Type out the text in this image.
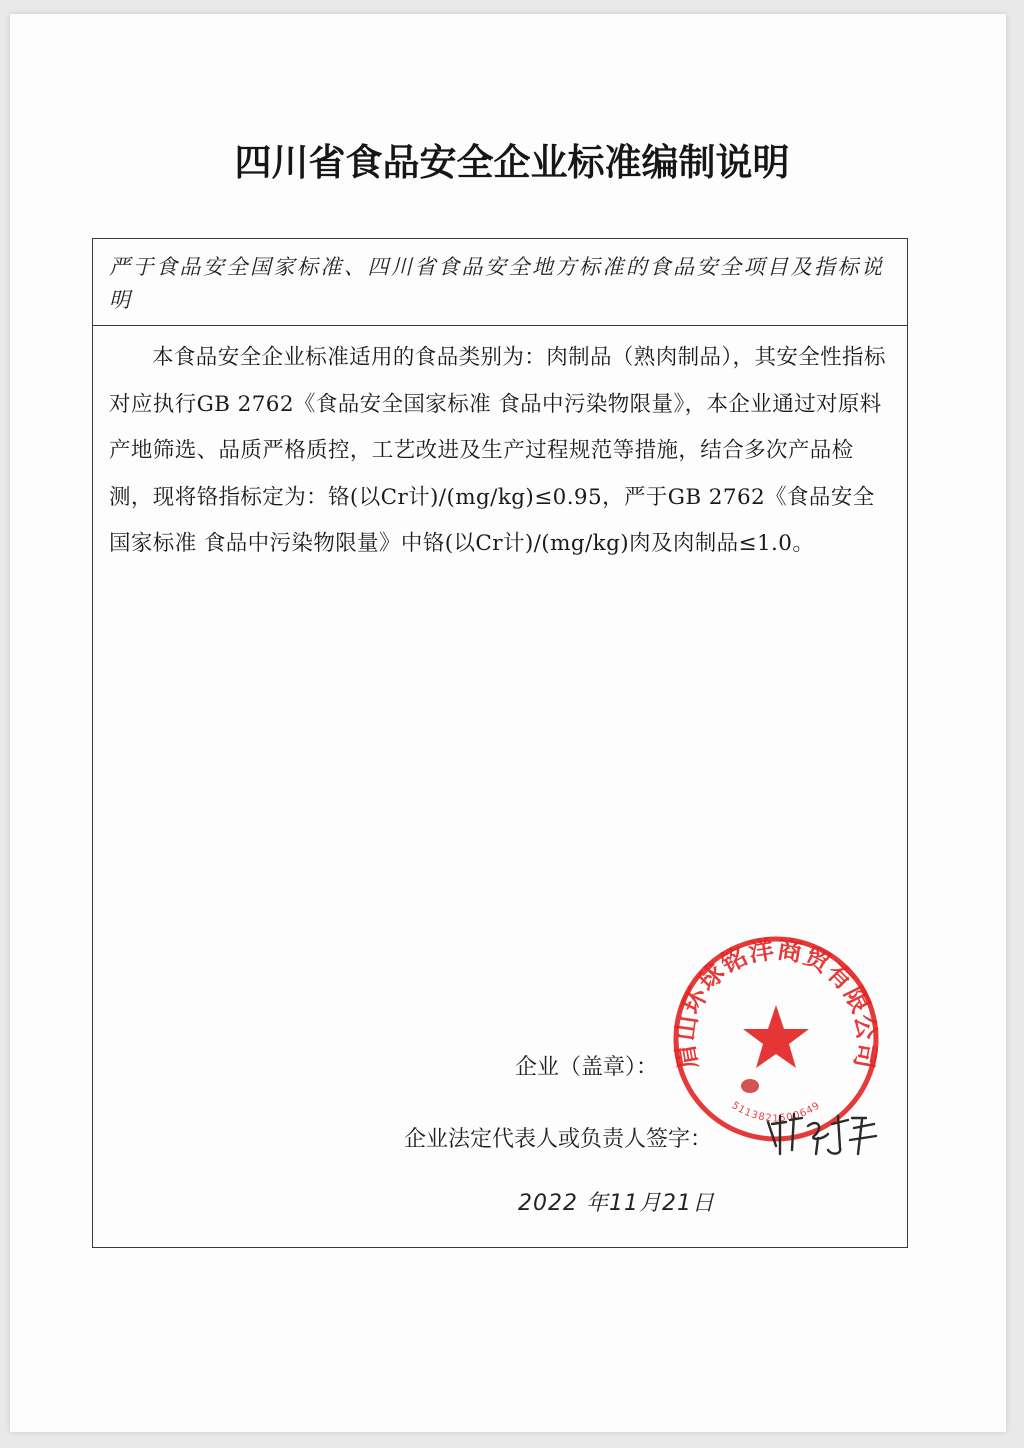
四川省食品安全企业标准编制说明
严于食品安全国家标准、四川省食品安全地方标准的食品安全项目及指标说明
本食品安全企业标准适用的食品类别为：肉制品（熟肉制品），其安全性指标对应执行GB 2762《食品安全国家标准 食品中污染物限量》，本企业通过对原料产地筛选、品质严格质控，工艺改进及生产过程规范等措施，结合多次产品检测，现将铬指标定为：铬(以Cr计)/(mg/kg)≤0.95，严于GB 2762《食品安全国家标准 食品中污染物限量》中铬(以Cr计)/(mg/kg)肉及肉制品≤1.0。
企业（盖章）：
企业法定代表人或负责人签字：
眉山环球铭洋商贸有限公司
5113821500649
2022 年11月21日
